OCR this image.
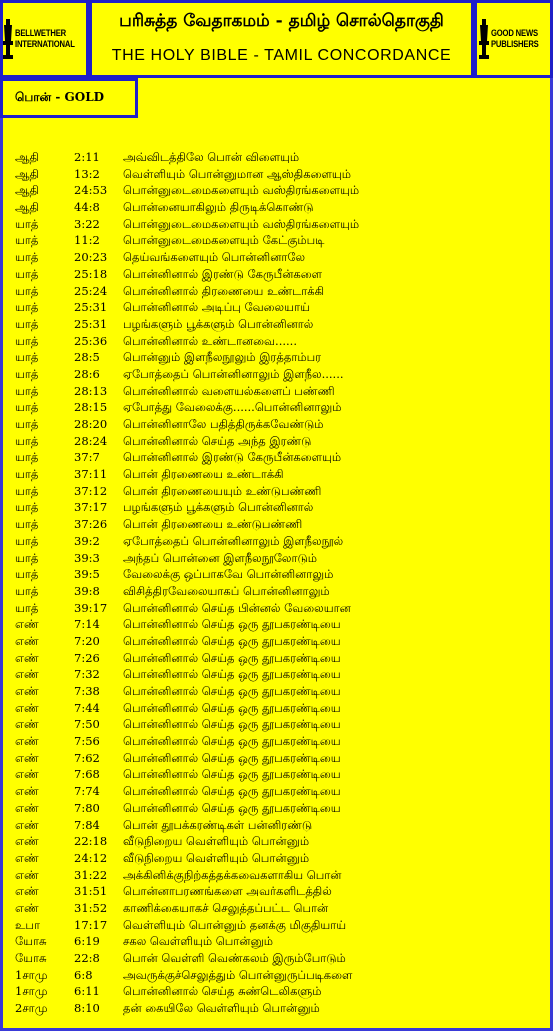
BELLWETHER
INTERNATIONAL
பரிசுத்த வேதாகமம் - தமிழ் சொல்தொகுதி
THE HOLY BIBLE - TAMIL CONCORDANCE
GOOD NEWS
PUBLISHERS
பொன் - GOLD
ஆதி	2:11	அவ்விடத்திலே பொன் விளையும்
ஆதி	13:2	வெள்ளியும் பொன்னுமான ஆஸ்திகளையும்
ஆதி	24:53	பொன்னுடைமைகளையும் வஸ்திரங்களையும்
ஆதி	44:8	பொன்னையாகிலும் திருடிக்கொண்டு
யாத்	3:22	பொன்னுடைமைகளையும் வஸ்திரங்களையும்
யாத்	11:2	பொன்னுடைமைகளையும் கேட்கும்படி
யாத்	20:23	தெய்வங்களையும் பொன்னினாலே
யாத்	25:18	பொன்னினால் இரண்டு கேருபீன்களை
யாத்	25:24	பொன்னினால் திரணையை உண்டாக்கி
யாத்	25:31	பொன்னினால் அடிப்பு வேலையாய்
யாத்	25:31	பழங்களும் பூக்களும் பொன்னினால்
யாத்	25:36	பொன்னினால் உண்டானவை......
யாத்	28:5	பொன்னும் இளநீலநூலும் இரத்தாம்பர
யாத்	28:6	ஏபோத்தைப் பொன்னினாலும் இளநீல......
யாத்	28:13	பொன்னினால் வளையல்களைப் பண்ணி
யாத்	28:15	ஏபோத்து வேலைக்கு......பொன்னினாலும்
யாத்	28:20	பொன்னினாலே பதித்திருக்கவேண்டும்
யாத்	28:24	பொன்னினால் செய்த அந்த இரண்டு
யாத்	37:7	பொன்னினால் இரண்டு கேருபீன்களையும்
யாத்	37:11	பொன் திரணையை உண்டாக்கி
யாத்	37:12	பொன் திரணையையும் உண்டுபண்ணி
யாத்	37:17	பழங்களும் பூக்களும் பொன்னினால்
யாத்	37:26	பொன் திரணையை உண்டுபண்ணி
யாத்	39:2	ஏபோத்தைப் பொன்னினாலும் இளநீலநூல்
யாத்	39:3	அந்தப் பொன்னை இளநீலநூலோடும்
யாத்	39:5	வேலைக்கு ஒப்பாகவே பொன்னினாலும்
யாத்	39:8	விசித்திரவேலையாகப் பொன்னினாலும்
யாத்	39:17	பொன்னினால் செய்த பின்னல் வேலையான
எண்	7:14	பொன்னினால் செய்த ஒரு தூபகரண்டியை
எண்	7:20	பொன்னினால் செய்த ஒரு தூபகரண்டியை
எண்	7:26	பொன்னினால் செய்த ஒரு தூபகரண்டியை
எண்	7:32	பொன்னினால் செய்த ஒரு தூபகரண்டியை
எண்	7:38	பொன்னினால் செய்த ஒரு தூபகரண்டியை
எண்	7:44	பொன்னினால் செய்த ஒரு தூபகரண்டியை
எண்	7:50	பொன்னினால் செய்த ஒரு தூபகரண்டியை
எண்	7:56	பொன்னினால் செய்த ஒரு தூபகரண்டியை
எண்	7:62	பொன்னினால் செய்த ஒரு தூபகரண்டியை
எண்	7:68	பொன்னினால் செய்த ஒரு தூபகரண்டியை
எண்	7:74	பொன்னினால் செய்த ஒரு தூபகரண்டியை
எண்	7:80	பொன்னினால் செய்த ஒரு தூபகரண்டியை
எண்	7:84	பொன் தூபக்கரண்டிகள் பன்னிரண்டு
எண்	22:18	வீடுநிறைய வெள்ளியும் பொன்னும்
எண்	24:12	வீடுநிறைய வெள்ளியும் பொன்னும்
எண்	31:22	அக்கினிக்குநிற்கத்தக்கவைகளாகிய பொன்
எண்	31:51	பொன்னாபரணங்களை அவர்களிடத்தில்
எண்	31:52	காணிக்கையாகச் செலுத்தப்பட்ட பொன்
உபா	17:17	வெள்ளியும் பொன்னும் தனக்கு மிகுதியாய்
யோசு	6:19	சகல வெள்ளியும் பொன்னும்
யோசு	22:8	பொன் வெள்ளி வெண்கலம் இரும்போடும்
1சாமு	6:8	அவருக்குச்செலுத்தும் பொன்னுருப்படிகளை
1சாமு	6:11	பொன்னினால் செய்த சுண்டெலிகளும்
2சாமு	8:10	தன் கையிலே வெள்ளியும் பொன்னும்
